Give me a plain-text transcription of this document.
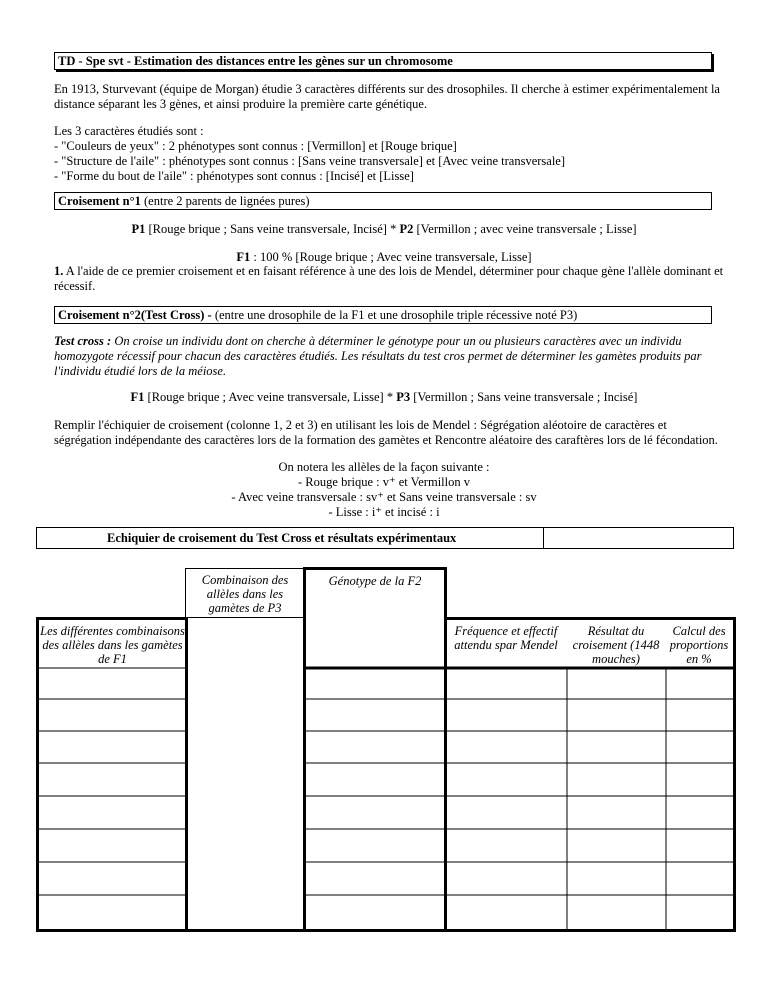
TD - Spe svt - Estimation des distances entre les gènes sur un chromosome

En 1913, Sturvevant (équipe de Morgan) étudie 3 caractères différents sur des drosophiles. Il cherche à estimer expérimentalement la distance séparant les 3 gènes, et ainsi produire la première carte génétique.

Les 3 caractères étudiés sont :

- "Couleurs de yeux" : 2 phénotypes sont connus : [Vermillon] et [Rouge brique]

- "Structure de l'aile" : phénotypes sont connus : [Sans veine transversale] et [Avec veine transversale]

- "Forme du bout de l'aile" : phénotypes sont connus : [Incisé] et [Lisse]

Croisement n°1 (entre 2 parents de lignées pures)

P1 [Rouge brique ; Sans veine transversale, Incisé] * P2 [Vermillon ; avec veine transversale ; Lisse]

F1 : 100 % [Rouge brique ; Avec veine transversale, Lisse]

1. A l'aide de ce premier croisement et en faisant référence à une des lois de Mendel, déterminer pour chaque gène l'allèle dominant et récessif.

Croisement n°2(Test Cross) - (entre une drosophile de la F1 et une drosophile triple récessive noté P3)

Test cross : On croise un individu dont on cherche à déterminer le génotype pour un ou plusieurs caractères avec un individu homozygote récessif pour chacun des caractères étudiés. Les résultats du test cros permet de déterminer les gamètes produits par l'individu étudié lors de la méiose.

F1 [Rouge brique ; Avec veine transversale, Lisse] * P3 [Vermillon ; Sans veine transversale ; Incisé]

Remplir l'échiquier de croisement (colonne 1, 2 et 3) en utilisant les lois de Mendel : Ségrégation aléotoire de caractères et ségrégation indépendante des caractères lors de la formation des gamètes et Rencontre aléatoire des caraftères lors de lé fécondation.

On notera les allèles de la façon suivante :

- Rouge brique : v⁺ et Vermillon v

- Avec veine transversale : sv⁺ et Sans veine transversale : sv

- Lisse : i⁺ et incisé : i

Echiquier de croisement du Test Cross et résultats expérimentaux
Combinaison des allèles dans les gamètes de P3
Génotype de la F2
Les différentes combinaisons des allèles dans les gamètes de F1
Fréquence et effectif attendu spar Mendel
Résultat du croisement (1448 mouches)
Calcul des proportions en %
